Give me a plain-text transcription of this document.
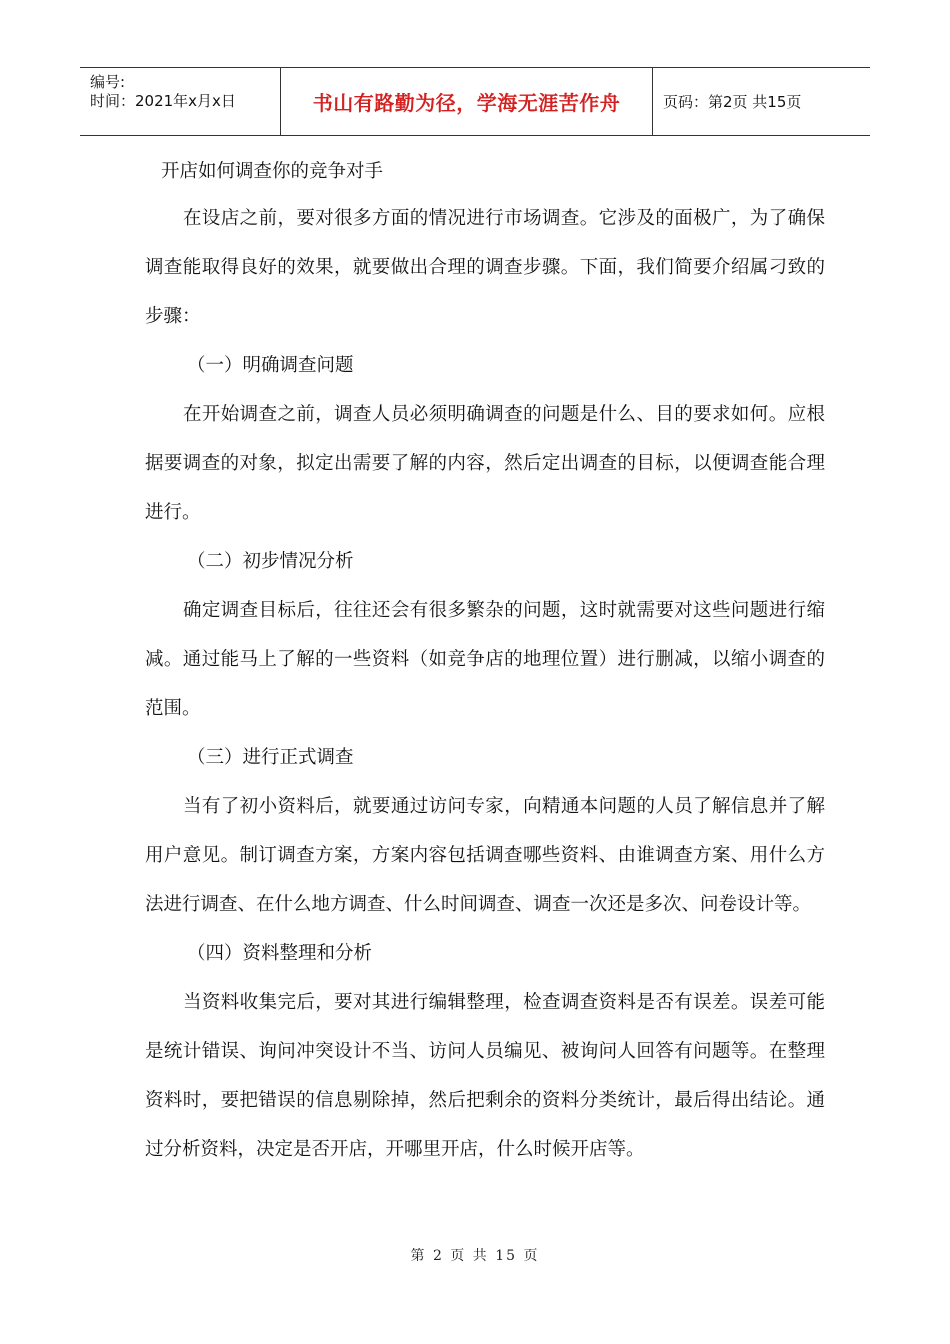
编号:
时间：2021年x月x日	书山有路勤为径，学海无涯苦作舟	页码：第2页 共15页

开店如何调查你的竞争对手

在设店之前，要对很多方面的情况进行市场调查。它涉及的面极广，为了确保调查能取得良好的效果，就要做出合理的调查步骤。下面，我们简要介绍属刁致的步骤：

（一）明确调查问题

在开始调查之前，调查人员必须明确调查的问题是什么、目的要求如何。应根据要调查的对象，拟定出需要了解的内容，然后定出调查的目标，以便调查能合理进行。

（二）初步情况分析

确定调查目标后，往往还会有很多繁杂的问题，这时就需要对这些问题进行缩减。通过能马上了解的一些资料（如竞争店的地理位置）进行删减，以缩小调查的范围。

（三）进行正式调查

当有了初小资料后，就要通过访问专家，向精通本问题的人员了解信息并了解用户意见。制订调查方案，方案内容包括调查哪些资料、由谁调查方案、用什么方法进行调查、在什么地方调查、什么时间调查、调查一次还是多次、问卷设计等。

（四）资料整理和分析

当资料收集完后，要对其进行编辑整理，检查调查资料是否有误差。误差可能是统计错误、询问冲突设计不当、访问人员编见、被询问人回答有问题等。在整理资料时，要把错误的信息剔除掉，然后把剩余的资料分类统计，最后得出结论。通过分析资料，决定是否开店，开哪里开店，什么时候开店等。

第 2 页 共 15 页
